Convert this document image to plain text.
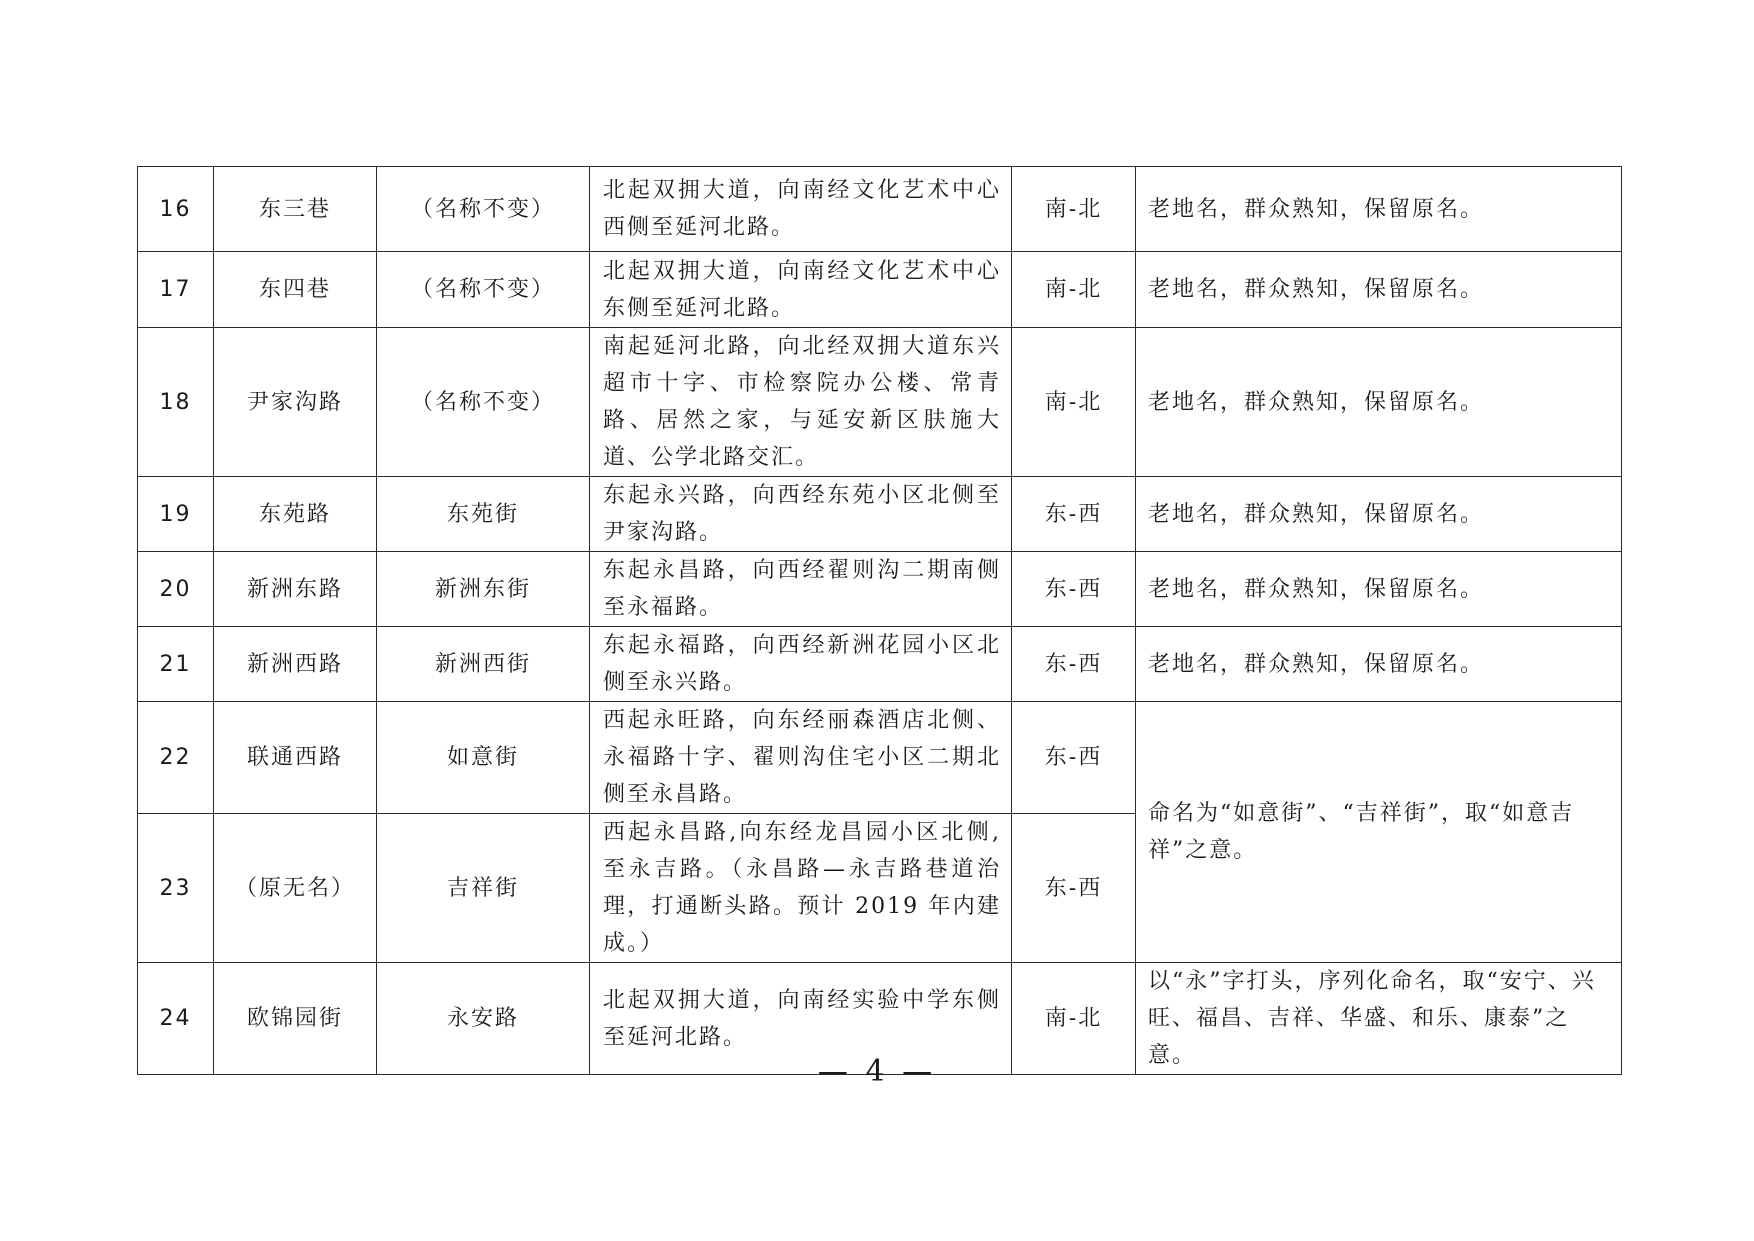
16	东三巷	（名称不变）	北起双拥大道，向南经文化艺术中心西侧至延河北路。	南-北	老地名，群众熟知，保留原名。
17	东四巷	（名称不变）	北起双拥大道，向南经文化艺术中心东侧至延河北路。	南-北	老地名，群众熟知，保留原名。
18	尹家沟路	（名称不变）	南起延河北路，向北经双拥大道东兴超市十字、市检察院办公楼、常青路、居然之家，与延安新区肤施大道、公学北路交汇。	南-北	老地名，群众熟知，保留原名。
19	东苑路	东苑街	东起永兴路，向西经东苑小区北侧至尹家沟路。	东-西	老地名，群众熟知，保留原名。
20	新洲东路	新洲东街	东起永昌路，向西经翟则沟二期南侧至永福路。	东-西	老地名，群众熟知，保留原名。
21	新洲西路	新洲西街	东起永福路，向西经新洲花园小区北侧至永兴路。	东-西	老地名，群众熟知，保留原名。
22	联通西路	如意街	西起永旺路，向东经丽森酒店北侧、永福路十字、翟则沟住宅小区二期北侧至永昌路。	东-西	命名为“如意街”、“吉祥街”，取“如意吉祥”之意。
23	（原无名）	吉祥街	西起永昌路,向东经龙昌园小区北侧,至永吉路。（永昌路—永吉路巷道治理，打通断头路。预计 2019 年内建成。）	东-西	
24	欧锦园街	永安路	北起双拥大道，向南经实验中学东侧至延河北路。	南-北	以“永”字打头，序列化命名，取“安宁、兴旺、福昌、吉祥、华盛、和乐、康泰”之意。
— 4 —
